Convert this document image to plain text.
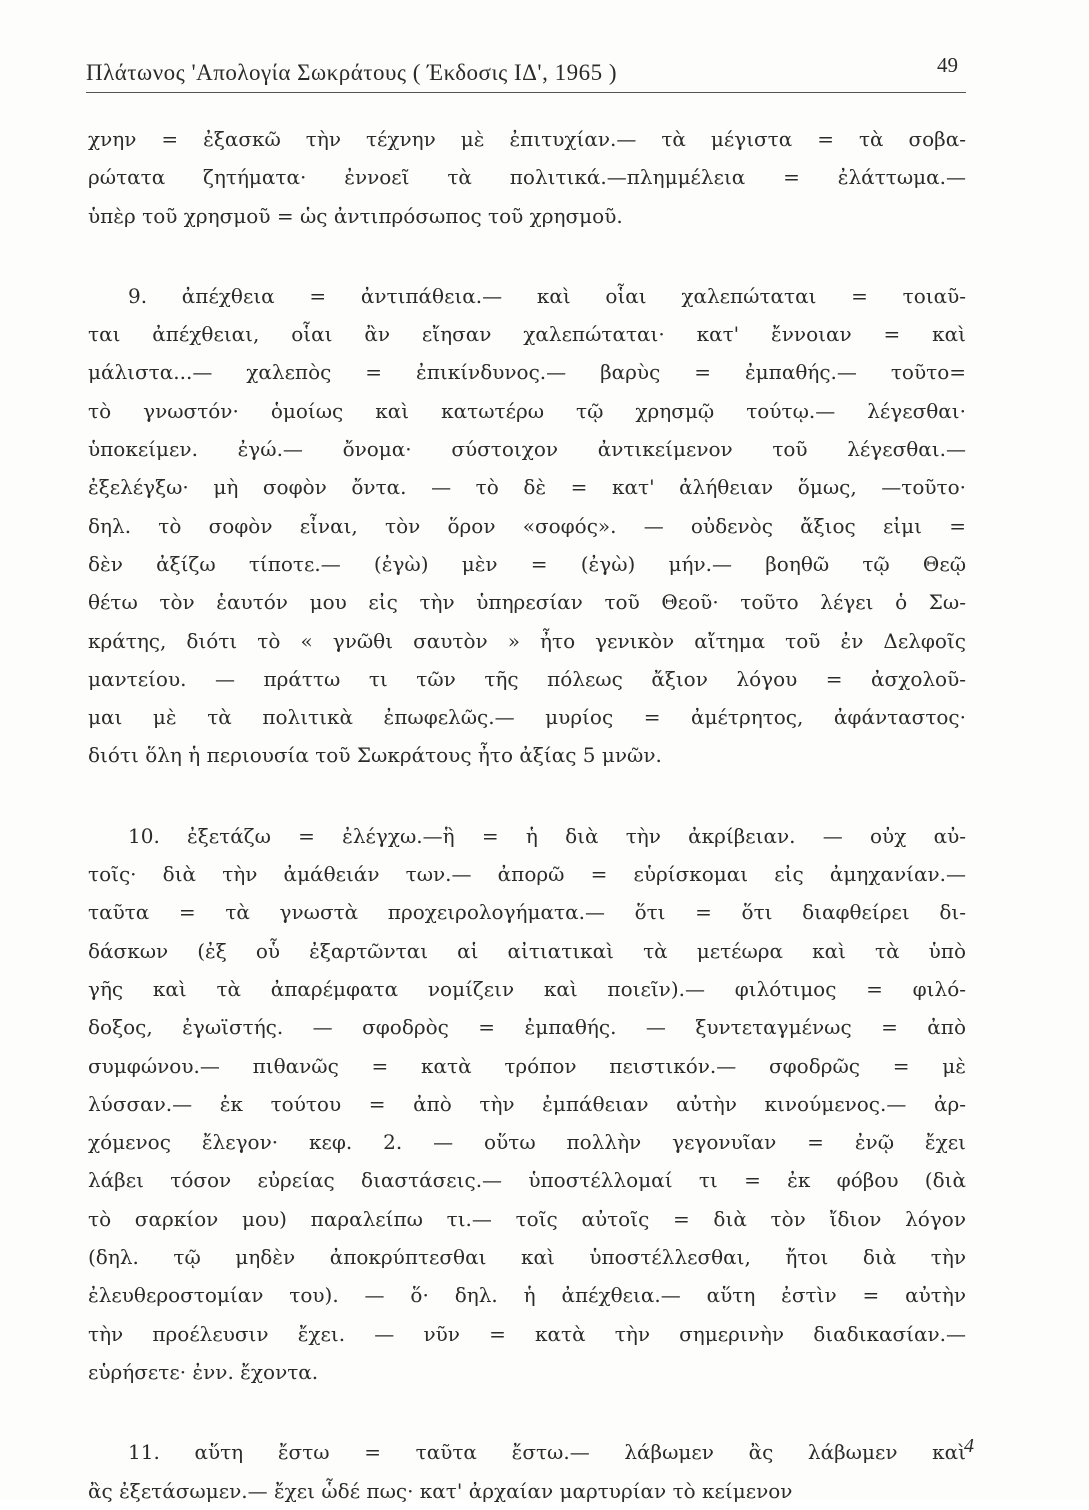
Πλάτωνος 'Απολογία Σωκράτους ( Έκδοσις ΙΔ', 1965 )	49
χνην = ἐξασκῶ τὴν τέχνην μὲ ἐπιτυχίαν.— τὰ μέγιστα = τὰ σοβα-
ρώτατα ζητήματα· ἐννοεῖ τὰ πολιτικά.—πλημμέλεια = ἐλάττωμα.—
ὑπὲρ τοῦ χρησμοῦ = ὡς ἀντιπρόσωπος τοῦ χρησμοῦ.
9. ἀπέχθεια = ἀντιπάθεια.— καὶ οἷαι χαλεπώταται = τοιαῦ-
ται ἀπέχθειαι, οἷαι ἂν εἴησαν χαλεπώταται· κατ' ἔννοιαν = καὶ
μάλιστα...— χαλεπὸς = ἐπικίνδυνος.— βαρὺς = ἐμπαθής.— τοῦτο=
τὸ γνωστόν· ὁμοίως καὶ κατωτέρω τῷ χρησμῷ τούτῳ.— λέγεσθαι·
ὑποκείμεν. ἐγώ.— ὄνομα· σύστοιχον ἀντικείμενον τοῦ λέγεσθαι.—
ἐξελέγξω· μὴ σοφὸν ὄντα. — τὸ δὲ = κατ' ἀλήθειαν ὅμως, —τοῦτο·
δηλ. τὸ σοφὸν εἶναι, τὸν ὅρον «σοφός». — οὐδενὸς ἄξιος εἰμι =
δὲν ἀξίζω τίποτε.— (ἐγὼ) μὲν = (ἐγὼ) μήν.— βοηθῶ τῷ Θεῷ
θέτω τὸν ἑαυτόν μου εἰς τὴν ὑπηρεσίαν τοῦ Θεοῦ· τοῦτο λέγει ὁ Σω-
κράτης, διότι τὸ « γνῶθι σαυτὸν » ἦτο γενικὸν αἴτημα τοῦ ἐν Δελφοῖς
μαντείου. — πράττω τι τῶν τῆς πόλεως ἄξιον λόγου = ἀσχολοῦ-
μαι μὲ τὰ πολιτικὰ ἐπωφελῶς.— μυρίος = ἀμέτρητος, ἀφάνταστος·
διότι ὅλη ἡ περιουσία τοῦ Σωκράτους ἦτο ἀξίας 5 μνῶν.
10. ἐξετάζω = ἐλέγχω.—ἣ = ἡ διὰ τὴν ἀκρίβειαν. — οὐχ αὐ-
τοῖς· διὰ τὴν ἀμάθειάν των.— ἀπορῶ = εὑρίσκομαι εἰς ἀμηχανίαν.—
ταῦτα = τὰ γνωστὰ προχειρολογήματα.— ὅτι = ὅτι διαφθείρει δι-
δάσκων (ἐξ οὗ ἐξαρτῶνται αἱ αἰτιατικαὶ τὰ μετέωρα καὶ τὰ ὑπὸ
γῆς καὶ τὰ ἀπαρέμφατα νομίζειν καὶ ποιεῖν).— φιλότιμος = φιλό-
δοξος, ἐγωϊστής. — σφοδρὸς = ἐμπαθής. — ξυντεταγμένως = ἀπὸ
συμφώνου.— πιθανῶς = κατὰ τρόπον πειστικόν.— σφοδρῶς = μὲ
λύσσαν.— ἐκ τούτου = ἀπὸ τὴν ἐμπάθειαν αὐτὴν κινούμενος.— ἀρ-
χόμενος ἔλεγον· κεφ. 2. — οὕτω πολλὴν γεγονυῖαν = ἐνῷ ἔχει
λάβει τόσον εὐρείας διαστάσεις.— ὑποστέλλομαί τι = ἐκ φόβου (διὰ
τὸ σαρκίον μου) παραλείπω τι.— τοῖς αὐτοῖς = διὰ τὸν ἴδιον λόγον
(δηλ. τῷ μηδὲν ἀποκρύπτεσθαι καὶ ὑποστέλλεσθαι, ἤτοι διὰ τὴν
ἐλευθεροστομίαν του). — ὅ· δηλ. ἡ ἀπέχθεια.— αὕτη ἐστὶν = αὐτὴν
τὴν προέλευσιν ἔχει. — νῦν = κατὰ τὴν σημερινὴν διαδικασίαν.—
εὑρήσετε· ἐνν. ἔχοντα.
11. αὕτη ἔστω = ταῦτα ἔστω.— λάβωμεν ἂς λάβωμεν καὶ
ἂς ἐξετάσωμεν.— ἔχει ὧδέ πως· κατ' ἀρχαίαν μαρτυρίαν τὸ κείμενον
4
